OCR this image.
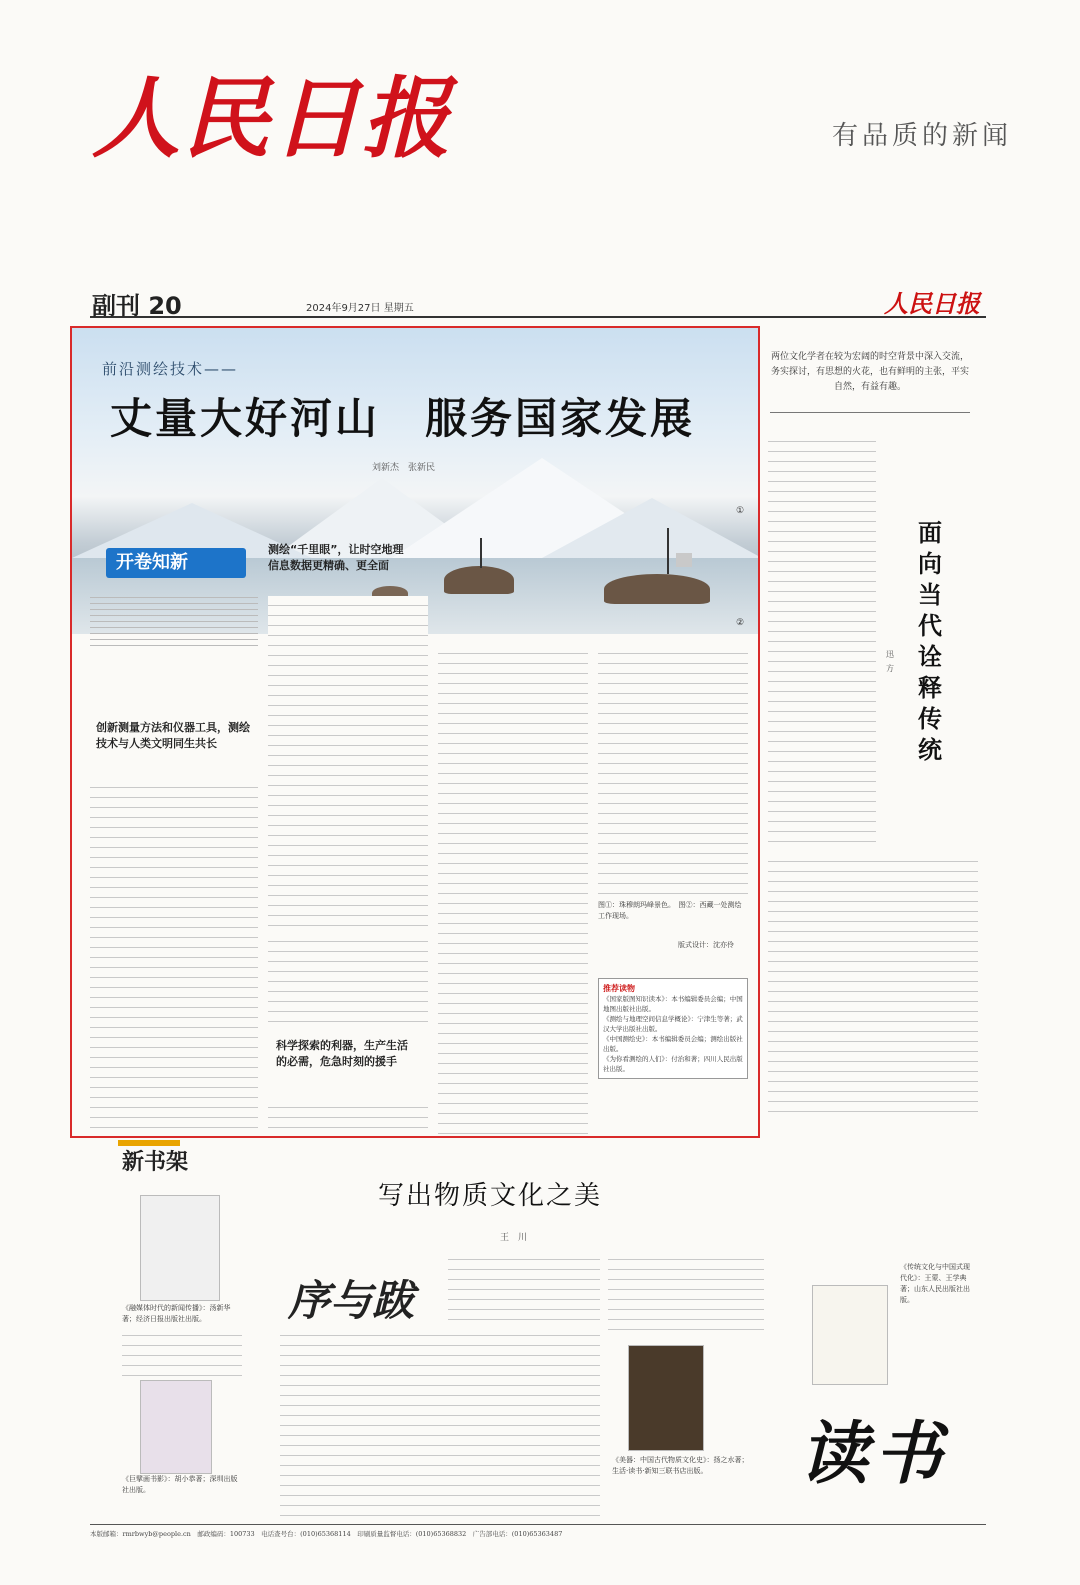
人民日报	有品质的新闻
副刊 20	2024年9月27日 星期五	人民日报
前沿测绘技术——
丈量大好河山　服务国家发展
刘新杰　张新民
①
②
开卷知新
测绘“千里眼”，让时空地理信息数据更精确、更全面
创新测量方法和仪器工具，测绘技术与人类文明同生共长
科学探索的利器，生产生活的必需，危急时刻的援手
图①：珠穆朗玛峰景色。　图②：西藏一处测绘工作现场。
版式设计：沈亦伶
推荐读物
《国家版图知识读本》：本书编辑委员会编；中国地图出版社出版。
《测绘与地理空间信息学概论》：宁津生等著；武汉大学出版社出版。
《中国测绘史》：本书编辑委员会编；测绘出版社出版。
《为你看测绘的人们》：付治和著；四川人民出版社出版。
两位文化学者在较为宏阔的时空背景中深入交流，务实探讨，有思想的火花，也有鲜明的主张，平实自然，有益有趣。
面向当代诠释传统
迅　方
新书架
《融媒体时代的新闻传播》：汤新华著；经济日报出版社出版。
《巨擘画书影》：胡小恭著；深圳出版社出版。
写出物质文化之美
王　川
序与跋
《美器：中国古代物质文化史》：扬之水著；生活·读书·新知三联书店出版。
《传统文化与中国式现代化》：王蒙、王学典著；山东人民出版社出版。
读书
本版邮箱：rmrbwyb@people.cn　邮政编码：100733　电话查号台：(010)65368114　印刷质量监督电话：(010)65368832　广告部电话：(010)65363487
